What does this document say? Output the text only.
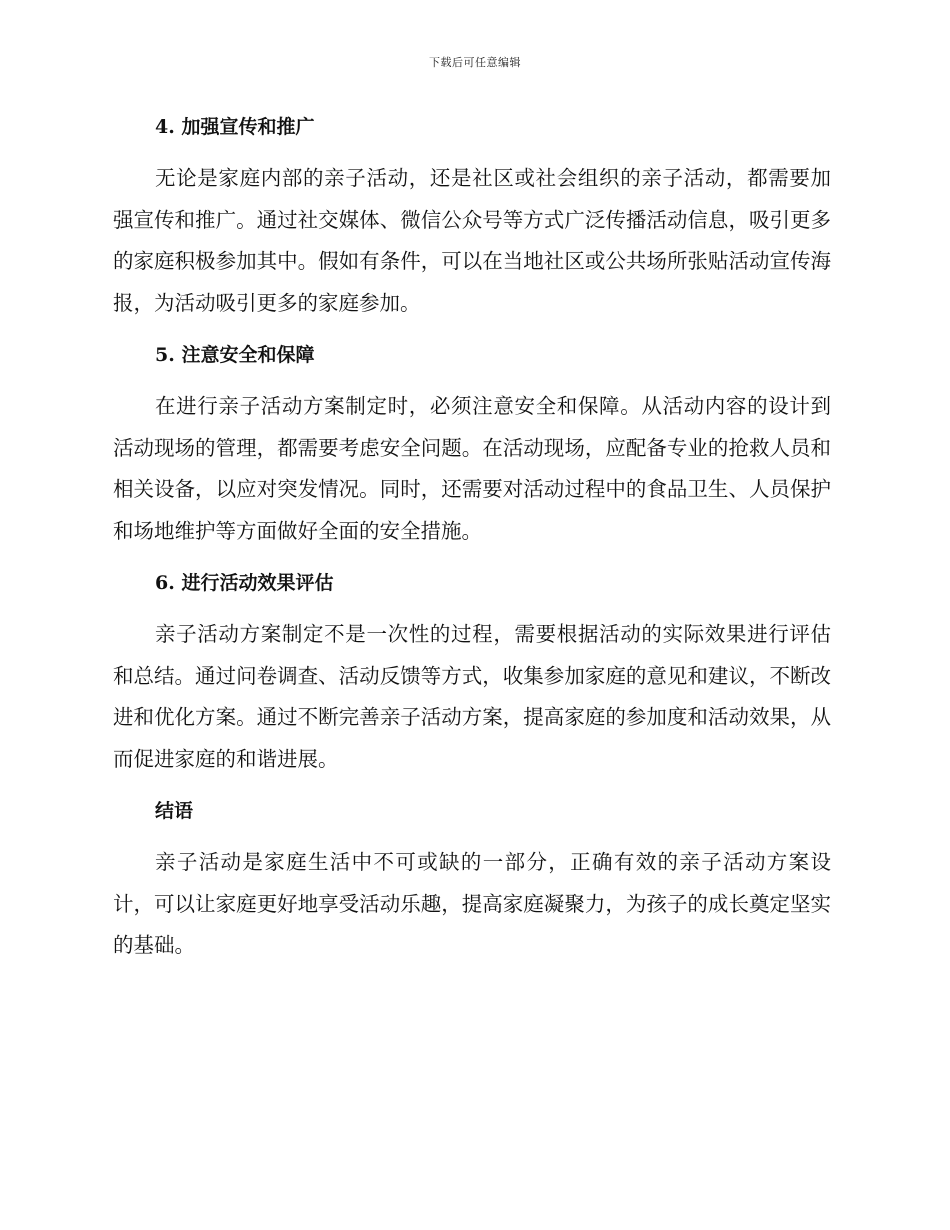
下载后可任意编辑
4. 加强宣传和推广

无论是家庭内部的亲子活动，还是社区或社会组织的亲子活动，都需要加强宣传和推广。通过社交媒体、微信公众号等方式广泛传播活动信息，吸引更多的家庭积极参加其中。假如有条件，可以在当地社区或公共场所张贴活动宣传海报，为活动吸引更多的家庭参加。

5. 注意安全和保障

在进行亲子活动方案制定时，必须注意安全和保障。从活动内容的设计到活动现场的管理，都需要考虑安全问题。在活动现场，应配备专业的抢救人员和相关设备，以应对突发情况。同时，还需要对活动过程中的食品卫生、人员保护和场地维护等方面做好全面的安全措施。

6. 进行活动效果评估

亲子活动方案制定不是一次性的过程，需要根据活动的实际效果进行评估和总结。通过问卷调查、活动反馈等方式，收集参加家庭的意见和建议，不断改进和优化方案。通过不断完善亲子活动方案，提高家庭的参加度和活动效果，从而促进家庭的和谐进展。

结语

亲子活动是家庭生活中不可或缺的一部分，正确有效的亲子活动方案设计，可以让家庭更好地享受活动乐趣，提高家庭凝聚力，为孩子的成长奠定坚实的基础。
